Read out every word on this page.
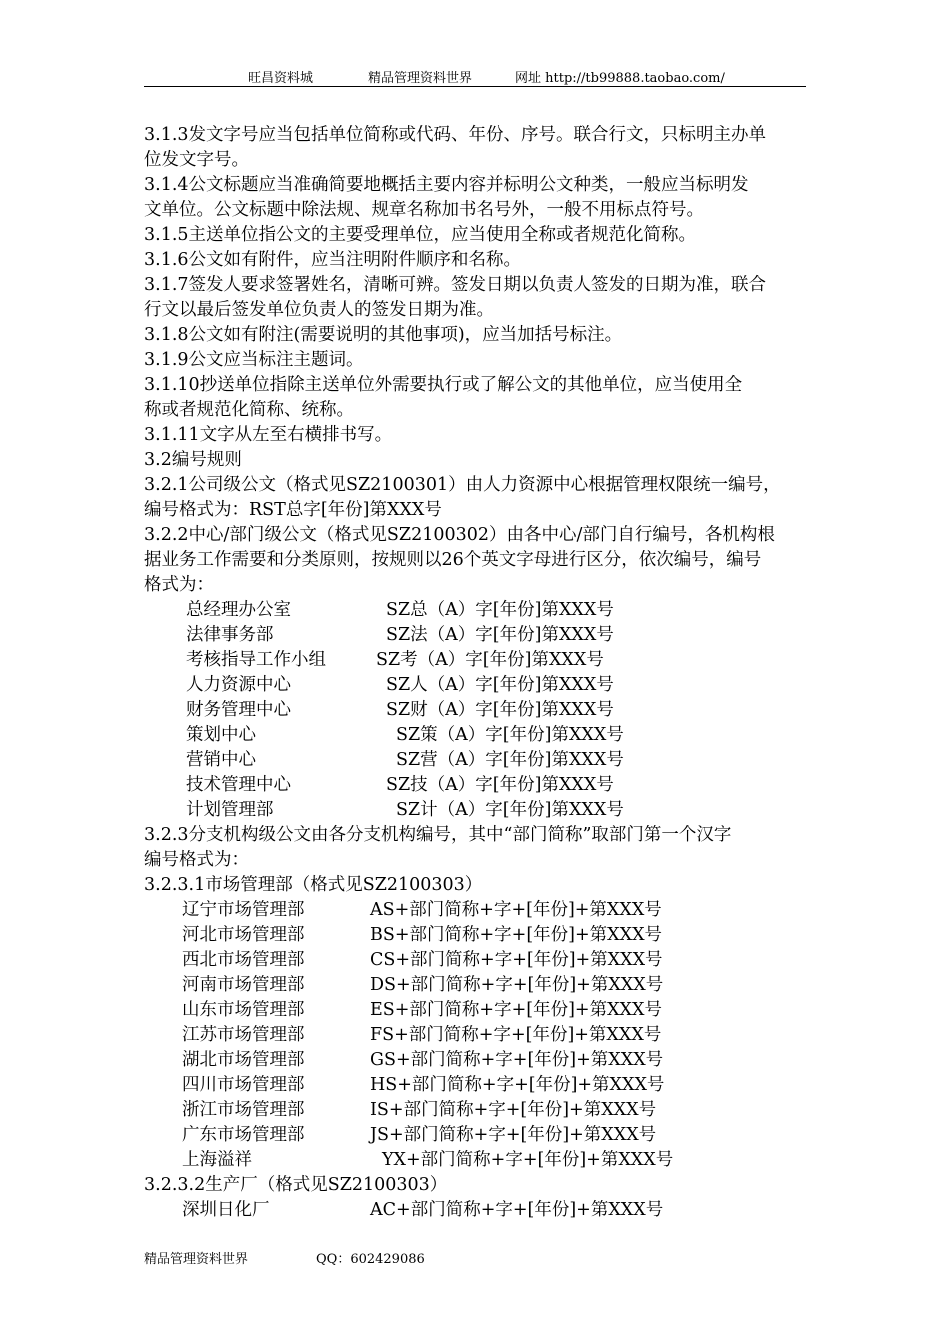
旺昌资料城	精品管理资料世界	网址 http://tb99888.taobao.com/
3.1.3发文字号应当包括单位简称或代码、年份、序号。联合行文，只标明主办单
位发文字号。
3.1.4公文标题应当准确简要地概括主要内容并标明公文种类，一般应当标明发
文单位。公文标题中除法规、规章名称加书名号外，一般不用标点符号。
3.1.5主送单位指公文的主要受理单位，应当使用全称或者规范化简称。
3.1.6公文如有附件，应当注明附件顺序和名称。
3.1.7签发人要求签署姓名，清晰可辨。签发日期以负责人签发的日期为准，联合
行文以最后签发单位负责人的签发日期为准。
3.1.8公文如有附注(需要说明的其他事项)，应当加括号标注。
3.1.9公文应当标注主题词。
3.1.10抄送单位指除主送单位外需要执行或了解公文的其他单位，应当使用全
称或者规范化简称、统称。
3.1.11文字从左至右横排书写。
3.2编号规则
3.2.1公司级公文（格式见SZ2100301）由人力资源中心根据管理权限统一编号，
编号格式为：RST总字[年份]第XXX号
3.2.2中心/部门级公文（格式见SZ2100302）由各中心/部门自行编号，各机构根
据业务工作需要和分类原则，按规则以26个英文字母进行区分，依次编号，编号
格式为：
总经理办公室	SZ总（A）字[年份]第XXX号
法律事务部	SZ法（A）字[年份]第XXX号
考核指导工作小组	SZ考（A）字[年份]第XXX号
人力资源中心	SZ人（A）字[年份]第XXX号
财务管理中心	SZ财（A）字[年份]第XXX号
策划中心	SZ策（A）字[年份]第XXX号
营销中心	SZ营（A）字[年份]第XXX号
技术管理中心	SZ技（A）字[年份]第XXX号
计划管理部	SZ计（A）字[年份]第XXX号
3.2.3分支机构级公文由各分支机构编号，其中“部门简称”取部门第一个汉字
编号格式为：
3.2.3.1市场管理部（格式见SZ2100303）
辽宁市场管理部	AS+部门简称+字+[年份]+第XXX号
河北市场管理部	BS+部门简称+字+[年份]+第XXX号
西北市场管理部	CS+部门简称+字+[年份]+第XXX号
河南市场管理部	DS+部门简称+字+[年份]+第XXX号
山东市场管理部	ES+部门简称+字+[年份]+第XXX号
江苏市场管理部	FS+部门简称+字+[年份]+第XXX号
湖北市场管理部	GS+部门简称+字+[年份]+第XXX号
四川市场管理部	HS+部门简称+字+[年份]+第XXX号
浙江市场管理部	IS+部门简称+字+[年份]+第XXX号
广东市场管理部	JS+部门简称+字+[年份]+第XXX号
上海溢祥	YX+部门简称+字+[年份]+第XXX号
3.2.3.2生产厂（格式见SZ2100303）
深圳日化厂	AC+部门简称+字+[年份]+第XXX号
精品管理资料世界	QQ：602429086
